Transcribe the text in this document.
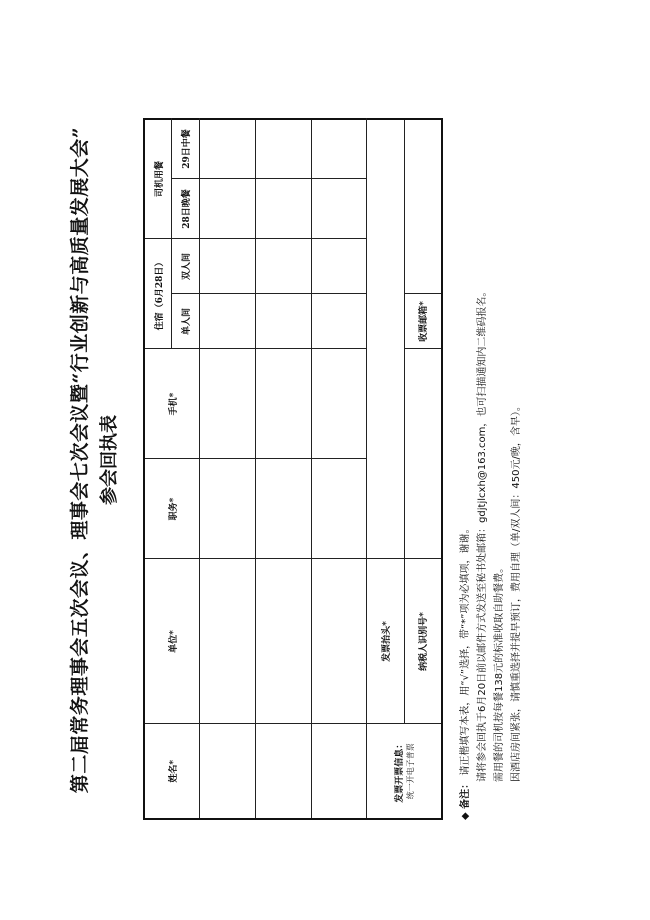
第二届常务理事会五次会议、理事会七次会议暨“行业创新与高质量发展大会” 参会回执表
姓名*	单位*	职务*	手机*	住宿（6月28日）		司机用餐	
				单人间	双人间	28日晚餐	29日中餐

发票开票信息： 统一开电子普票	发票抬头*						
	纳税人识别号*			收票邮箱*			
◆ 备注： 请正楷填写本表，用“√”选择，带“*”项为必填项，谢谢。 请将参会回执于6月20日前以邮件方式发送至秘书处邮箱：gdjtjlcxh@163.com，也可扫描通知内二维码报名。 需用餐的司机按每餐138元的标准收取自助餐费。 因酒店房间紧张，请慎重选择并提早预订，费用自理（单/双人间：450元/晚，含早）。
